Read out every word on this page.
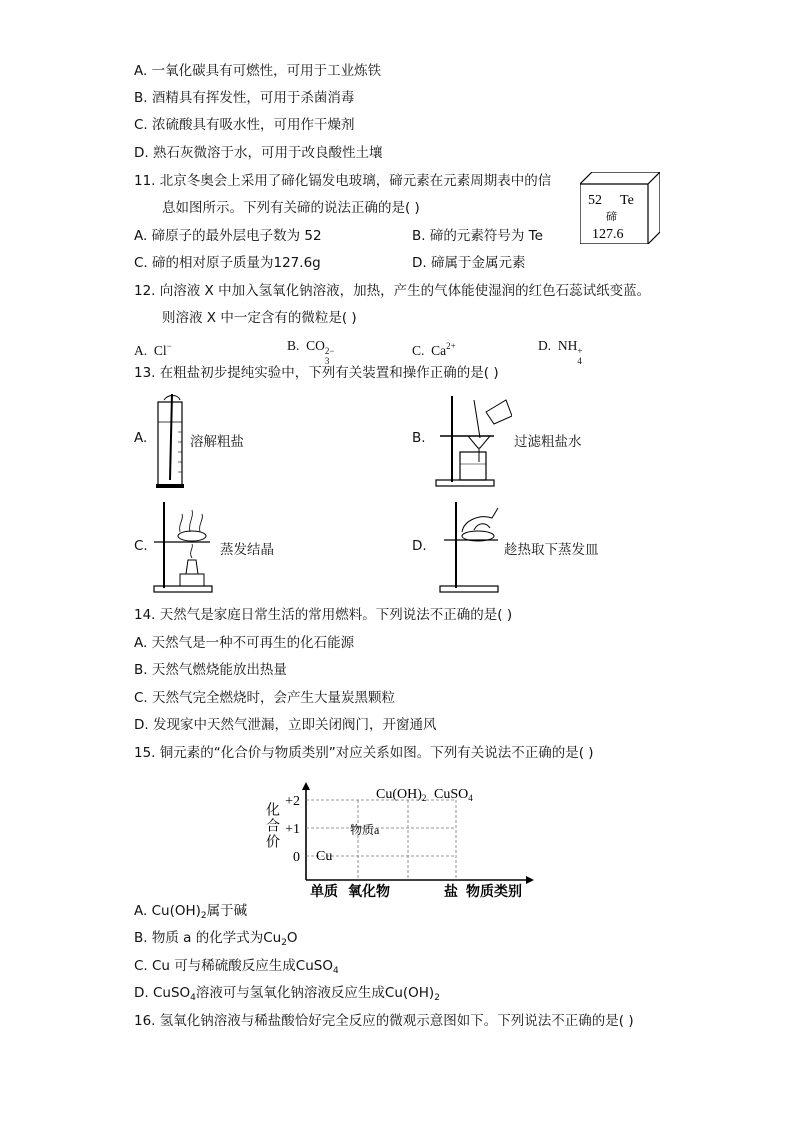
A. 一氧化碳具有可燃性，可用于工业炼铁
B. 酒精具有挥发性，可用于杀菌消毒
C. 浓硫酸具有吸水性，可用作干燥剂
D. 熟石灰微溶于水，可用于改良酸性土壤
11. 北京冬奥会上采用了碲化镉发电玻璃，碲元素在元素周期表中的信
息如图所示。下列有关碲的说法正确的是( )
A. 碲原子的最外层电子数为 52	B. 碲的元素符号为 Te
C. 碲的相对原子质量为127.6g	D. 碲属于金属元素
52 Te
碲
127.6
12. 向溶液 X 中加入氢氧化钠溶液，加热，产生的气体能使湿润的红色石蕊试纸变蓝。
则溶液 X 中一定含有的微粒是( )
A. Cl−	B. CO 2−
3
C. $Ca^{2+}$	D. NH +
4
13. 在粗盐初步提纯实验中，下列有关装置和操作正确的是( )
A.	溶解粗盐	B.	过滤粗盐水
C.	蒸发结晶	D.	趁热取下蒸发皿
14. 天然气是家庭日常生活的常用燃料。下列说法不正确的是( )
A. 天然气是一种不可再生的化石能源
B. 天然气燃烧能放出热量
C. 天然气完全燃烧时，会产生大量炭黑颗粒
D. 发现家中天然气泄漏，立即关闭阀门，开窗通风
15. 铜元素的“化合价与物质类别”对应关系如图。下列有关说法不正确的是( )
化合价
+2
+1
0
单质 氧化物	盐 物质类别
Cu
物质a
$Cu(OH)_2$ CuSO$_4$
A. $Cu(OH)_2$属于碱
B. 物质 a 的化学式为$Cu_2O$
C. Cu 可与稀硫酸反应生成CuSO$_4$
D. CuSO$_4$溶液可与氢氧化钠溶液反应生成$Cu(OH)_2$
16. 氢氧化钠溶液与稀盐酸恰好完全反应的微观示意图如下。下列说法不正确的是( )
